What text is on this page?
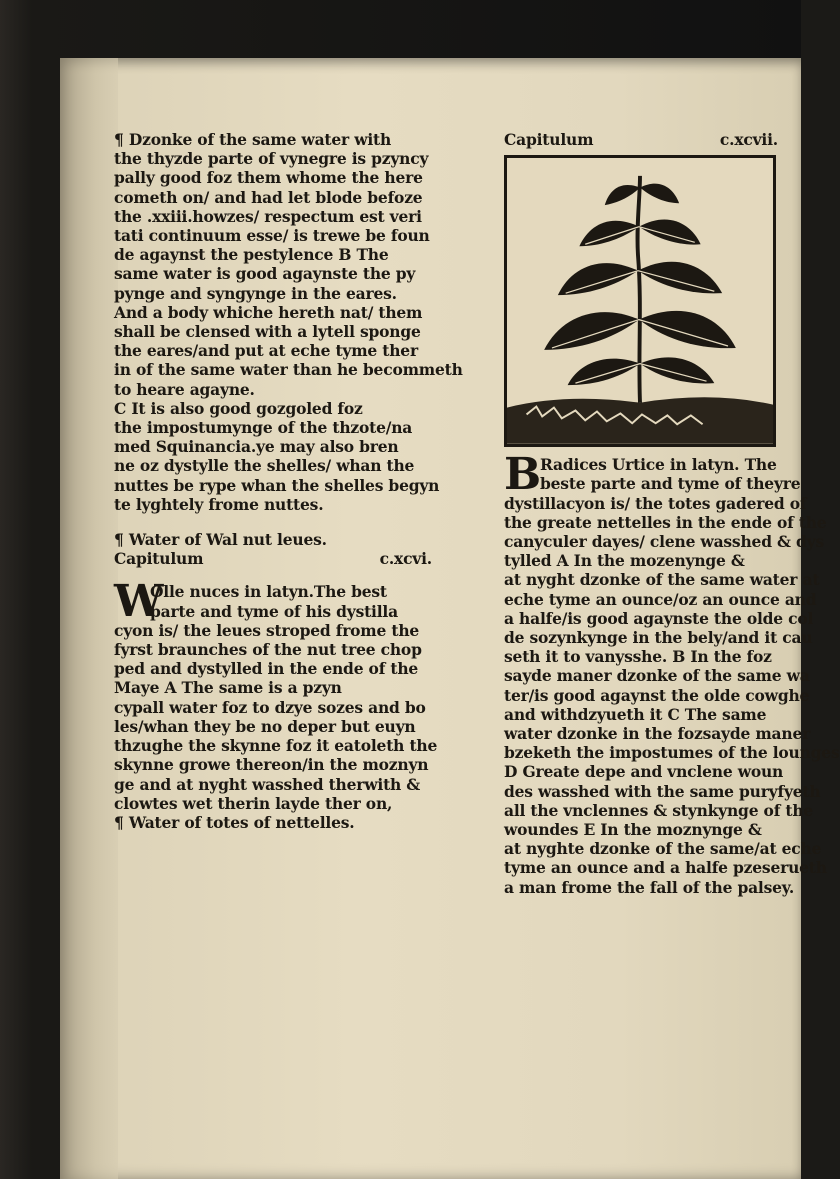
¶ Dzonke of the same water with
the thyzde parte of vynegre is pzyncy
pally good foz them whome the here
cometh on/ and had let blode befoze
the .xxiii.howzes/ respectum est veri
tati continuum esse/ is trewe be foun
de agaynst the pestylence B The
same water is good agaynste the py
pynge and syngynge in the eares.
And a body whiche hereth nat/ them
shall be clensed with a lytell sponge
the eares/and put at eche tyme ther
in of the same water than he becommeth
to heare agayne.
C It is also good gozgoled foz
the impostumynge of the thzote/na
med Squinancia.ye may also bren
ne oz dystylle the shelles/ whan the
nuttes be rype whan the shelles begyn
te lyghtely frome nuttes.
¶ Water of Wal nut leues.
Capitulum	c.xcvi.
W
Olle nuces in latyn.The best
parte and tyme of his dystilla
cyon is/ the leues stroped frome the
fyrst braunches of the nut tree chop
ped and dystylled in the ende of the
Maye A The same is a pzyn
cypall water foz to dzye sozes and bo
les/whan they be no deper but euyn
thzughe the skynne foz it eatoleth the
skynne growe thereon/in the moznyn
ge and at nyght wasshed therwith &
clowtes wet therin layde ther on,
¶ Water of totes of nettelles.
Capitulum	c.xcvii.
B Radices Urtice in latyn. The
beste parte and tyme of theyre
dystillacyon is/ the totes gadered of
the greate nettelles in the ende of the
canyculer dayes/ clene wasshed & dys
tylled A In the mozenynge &
at nyght dzonke of the same water at
eche tyme an ounce/oz an ounce and
a halfe/is good agaynste the olde col
de sozynkynge in the bely/and it cau
seth it to vanysshe. B In the foz
sayde maner dzonke of the same wa
ter/is good agaynst the olde cowghe
and withdzyueth it C The same
water dzonke in the fozsayde maner
bzeketh the impostumes of the lounges
D Greate depe and vnclene woun
des wasshed with the same puryfyeth
all the vnclennes & stynkynge of the
woundes E In the moznynge &
at nyghte dzonke of the same/at eche
tyme an ounce and a halfe pzeserueth
a man frome the fall of the palsey.
